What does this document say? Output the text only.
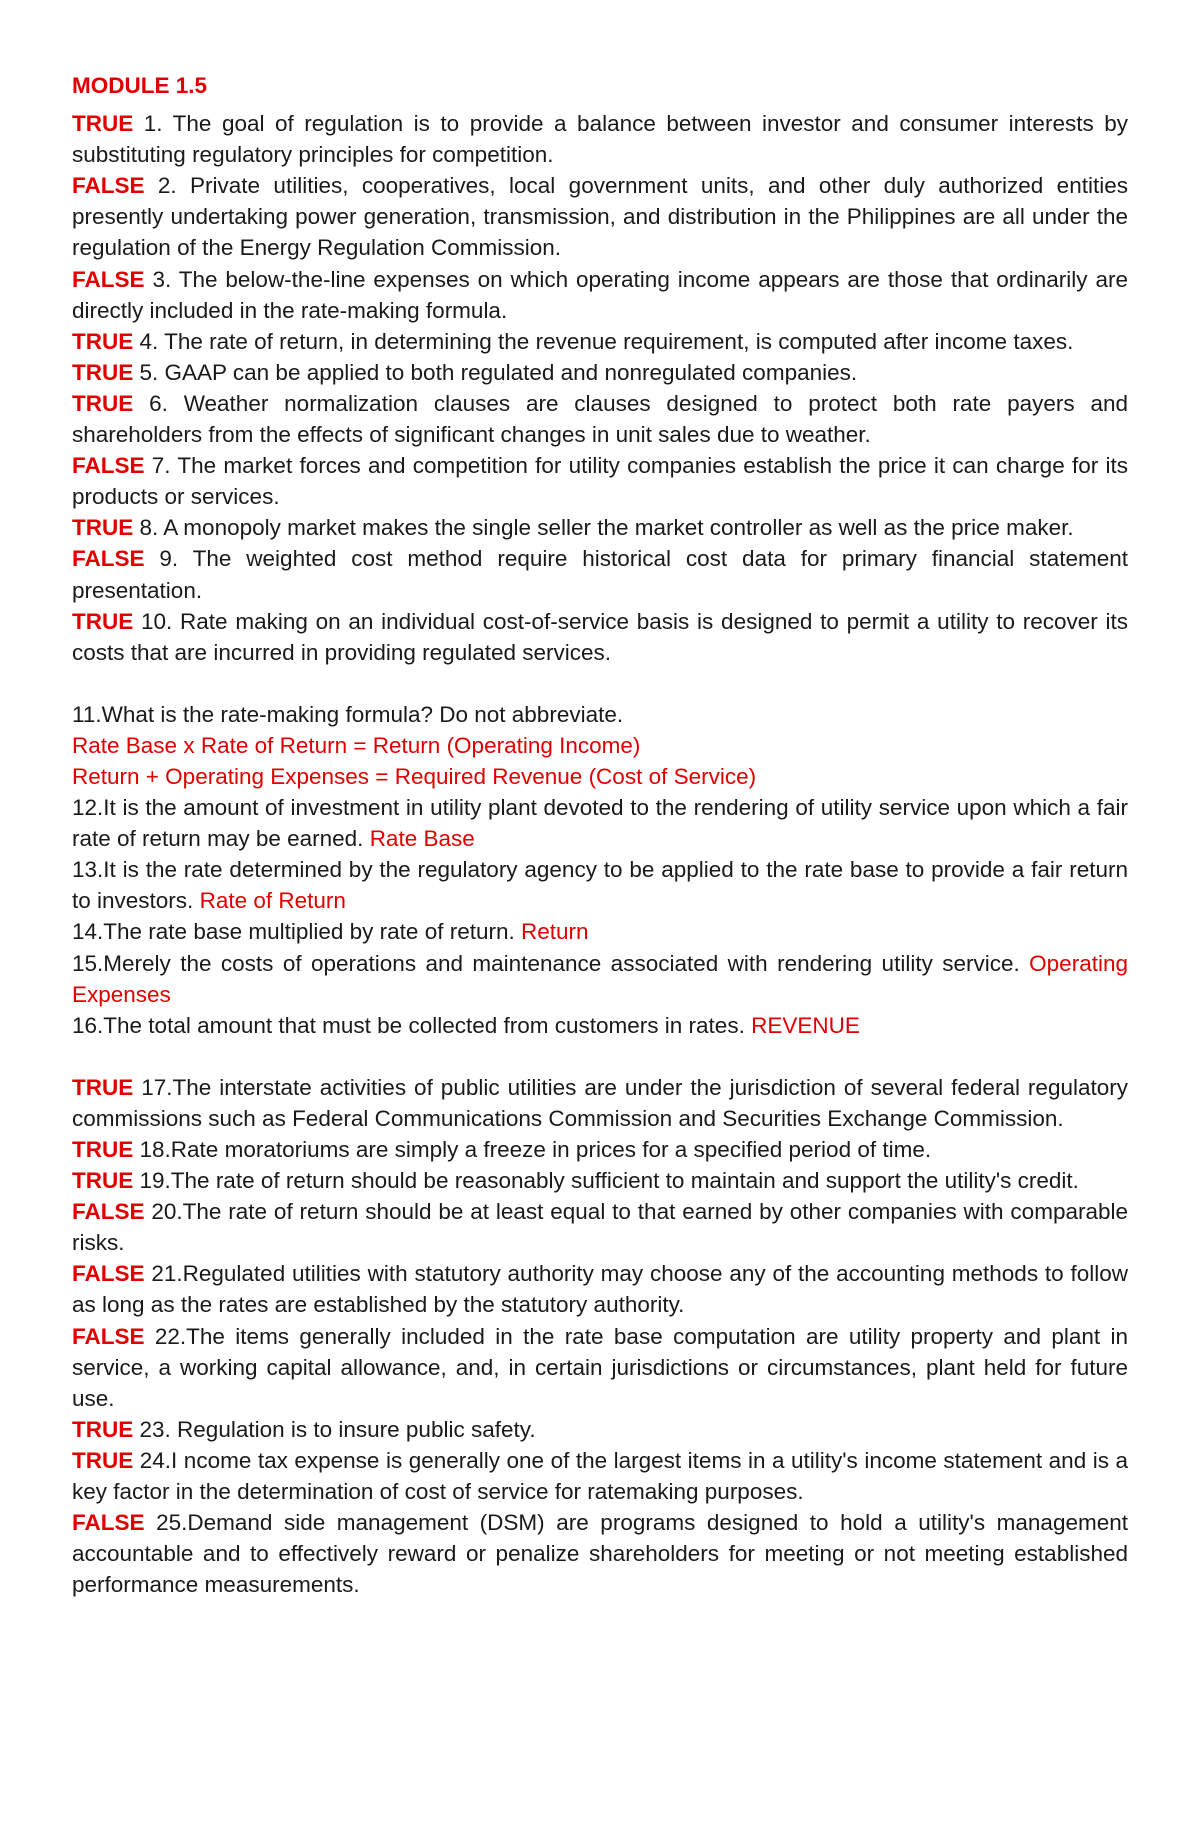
MODULE 1.5
TRUE 1. The goal of regulation is to provide a balance between investor and consumer interests by substituting regulatory principles for competition.
FALSE 2. Private utilities, cooperatives, local government units, and other duly authorized entities presently undertaking power generation, transmission, and distribution in the Philippines are all under the regulation of the Energy Regulation Commission.
FALSE 3. The below-the-line expenses on which operating income appears are those that ordinarily are directly included in the rate-making formula.
TRUE 4. The rate of return, in determining the revenue requirement, is computed after income taxes.
TRUE 5. GAAP can be applied to both regulated and nonregulated companies.
TRUE 6. Weather normalization clauses are clauses designed to protect both rate payers and shareholders from the effects of significant changes in unit sales due to weather.
FALSE 7. The market forces and competition for utility companies establish the price it can charge for its products or services.
TRUE 8. A monopoly market makes the single seller the market controller as well as the price maker.
FALSE 9. The weighted cost method require historical cost data for primary financial statement presentation.
TRUE 10. Rate making on an individual cost-of-service basis is designed to permit a utility to recover its costs that are incurred in providing regulated services.
11.What is the rate-making formula? Do not abbreviate.
Rate Base x Rate of Return = Return (Operating Income)
Return + Operating Expenses = Required Revenue (Cost of Service)
12.It is the amount of investment in utility plant devoted to the rendering of utility service upon which a fair rate of return may be earned. Rate Base
13.It is the rate determined by the regulatory agency to be applied to the rate base to provide a fair return to investors. Rate of Return
14.The rate base multiplied by rate of return. Return
15.Merely the costs of operations and maintenance associated with rendering utility service. Operating Expenses
16.The total amount that must be collected from customers in rates. REVENUE
TRUE 17.The interstate activities of public utilities are under the jurisdiction of several federal regulatory commissions such as Federal Communications Commission and Securities Exchange Commission.
TRUE 18.Rate moratoriums are simply a freeze in prices for a specified period of time.
TRUE 19.The rate of return should be reasonably sufficient to maintain and support the utility's credit.
FALSE 20.The rate of return should be at least equal to that earned by other companies with comparable risks.
FALSE 21.Regulated utilities with statutory authority may choose any of the accounting methods to follow as long as the rates are established by the statutory authority.
FALSE 22.The items generally included in the rate base computation are utility property and plant in service, a working capital allowance, and, in certain jurisdictions or circumstances, plant held for future use.
TRUE 23. Regulation is to insure public safety.
TRUE 24.I ncome tax expense is generally one of the largest items in a utility's income statement and is a key factor in the determination of cost of service for ratemaking purposes.
FALSE 25.Demand side management (DSM) are programs designed to hold a utility's management accountable and to effectively reward or penalize shareholders for meeting or not meeting established performance measurements.
